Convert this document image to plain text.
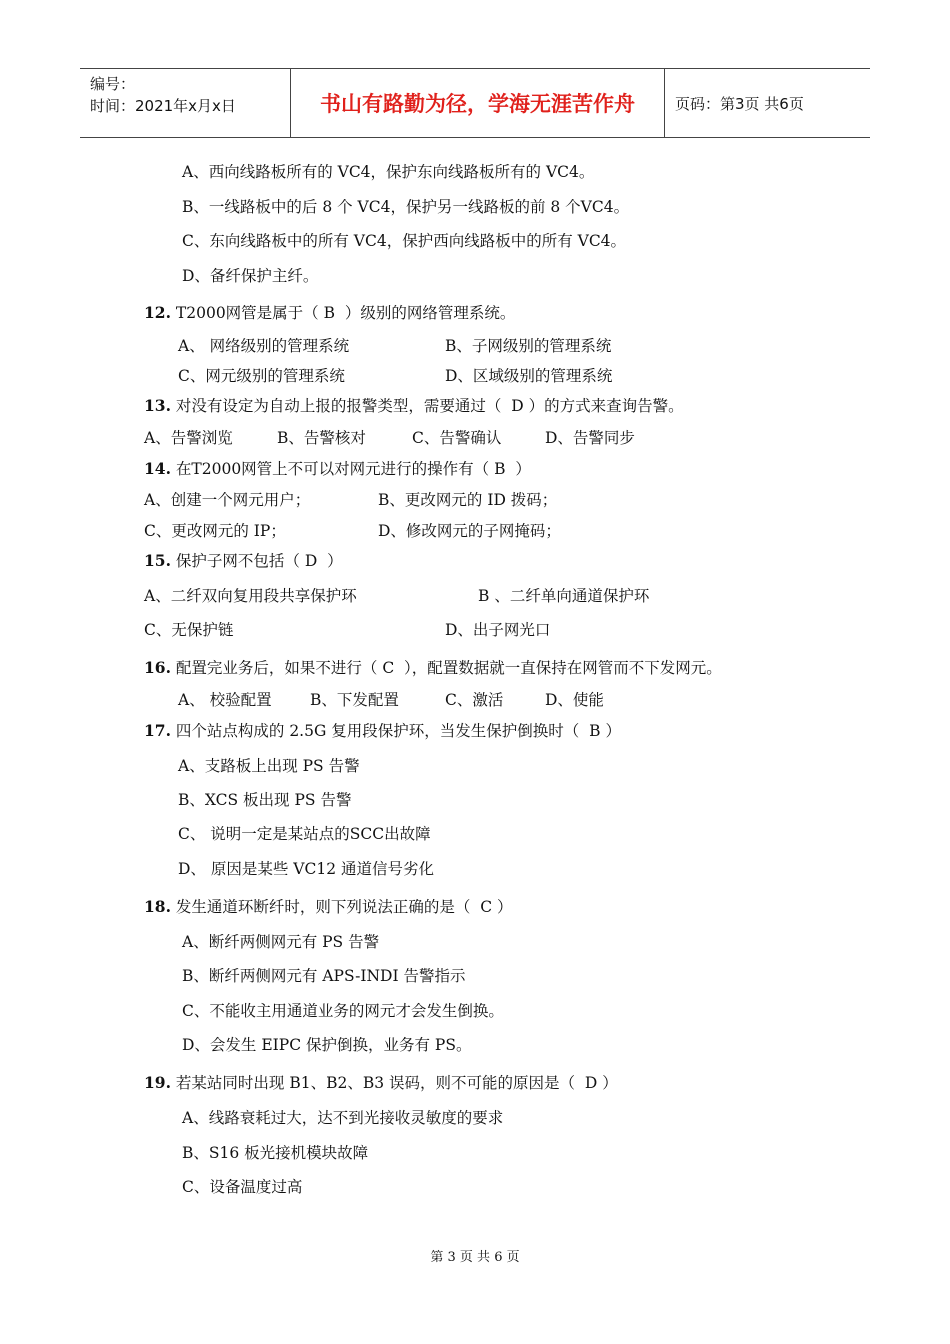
编号：
时间：2021年x月x日	书山有路勤为径，学海无涯苦作舟	页码：第3页 共6页
A、西向线路板所有的 VC4，保护东向线路板所有的 VC4。
B、一线路板中的后 8 个 VC4，保护另一线路板的前 8 个VC4。
C、东向线路板中的所有 VC4，保护西向线路板中的所有 VC4。
D、备纤保护主纤。
12. T2000网管是属于（ B  ）级别的网络管理系统。
A、 网络级别的管理系统	B、子网级别的管理系统
C、网元级别的管理系统	D、区域级别的管理系统
13. 对没有设定为自动上报的报警类型，需要通过（  D ）的方式来查询告警。
A、告警浏览	B、告警核对	C、告警确认	D、告警同步
14. 在T2000网管上不可以对网元进行的操作有（ B  ）
A、创建一个网元用户；	B、更改网元的 ID 拨码；
C、更改网元的 IP；	D、修改网元的子网掩码；
15. 保护子网不包括（ D  ）
A、二纤双向复用段共享保护环	B 、二纤单向通道保护环
C、无保护链	D、出子网光口
16. 配置完业务后，如果不进行（ C  ），配置数据就一直保持在网管而不下发网元。
A、 校验配置 B、下发配置	C、激活	D、使能
17. 四个站点构成的 2.5G 复用段保护环，当发生保护倒换时（  B ）
A、支路板上出现 PS 告警
B、XCS 板出现 PS 告警
C、 说明一定是某站点的SCC出故障
D、 原因是某些 VC12 通道信号劣化
18. 发生通道环断纤时，则下列说法正确的是（  C ）
A、断纤两侧网元有 PS 告警
B、断纤两侧网元有 APS-INDI 告警指示
C、不能收主用通道业务的网元才会发生倒换。
D、会发生 EIPC 保护倒换，业务有 PS。
19. 若某站同时出现 B1、B2、B3 误码，则不可能的原因是（  D ）
A、线路衰耗过大，达不到光接收灵敏度的要求
B、S16 板光接机模块故障
C、设备温度过高
第 3 页 共 6 页
